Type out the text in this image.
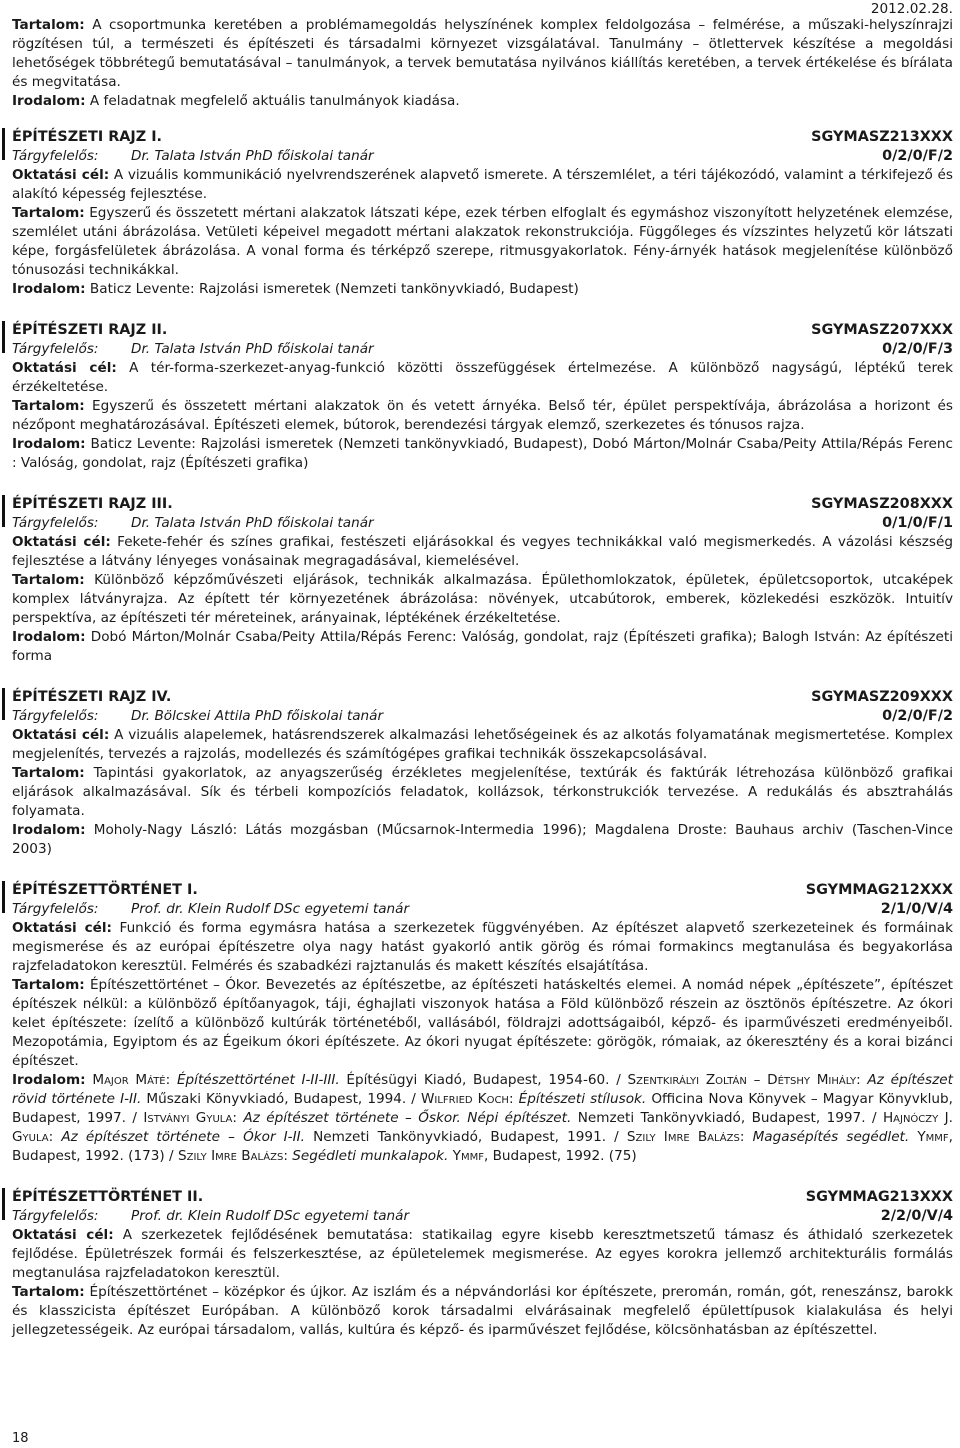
2012.02.28.

Tartalom: A csoportmunka keretében a problémamegoldás helyszínének komplex feldolgozása – felmérése, a műszaki-helyszínrajzi rögzítésen túl, a természeti és építészeti és társadalmi környezet vizsgálatával. Tanulmány – ötlettervek készítése a megoldási lehetőségek többrétegű bemutatásával – tanulmányok, a tervek bemutatása nyilvános kiállítás keretében, a tervek értékelése és bírálata és megvitatása.

Irodalom: A feladatnak megfelelő aktuális tanulmányok kiadása.

ÉPÍTÉSZETI RAJZ I.	SGYMASZ213XXX
Tárgyfelelős: Dr. Talata István PhD főiskolai tanár	0/2/0/F/2

Oktatási cél: A vizuális kommunikáció nyelvrendszerének alapvető ismerete. A térszemlélet, a téri tájékozódó, valamint a térkifejező és alakító képesség fejlesztése.

Tartalom: Egyszerű és összetett mértani alakzatok látszati képe, ezek térben elfoglalt és egymáshoz viszonyított helyzetének elemzése, szemlélet utáni ábrázolása. Vetületi képeivel megadott mértani alakzatok rekonstrukciója. Függőleges és vízszintes helyzetű kör látszati képe, forgásfelületek ábrázolása. A vonal forma és térképző szerepe, ritmusgyakorlatok. Fény-árnyék hatások megjelenítése különböző tónusozási technikákkal.

Irodalom: Baticz Levente: Rajzolási ismeretek (Nemzeti tankönyvkiadó, Budapest)

ÉPÍTÉSZETI RAJZ II.	SGYMASZ207XXX
Tárgyfelelős: Dr. Talata István PhD főiskolai tanár	0/2/0/F/3

Oktatási cél: A tér-forma-szerkezet-anyag-funkció közötti összefüggések értelmezése. A különböző nagyságú, léptékű terek érzékeltetése.

Tartalom: Egyszerű és összetett mértani alakzatok ön és vetett árnyéka. Belső tér, épület perspektívája, ábrázolása a horizont és nézőpont meghatározásával. Építészeti elemek, bútorok, berendezési tárgyak elemző, szerkezetes és tónusos rajza.

Irodalom: Baticz Levente: Rajzolási ismeretek (Nemzeti tankönyvkiadó, Budapest), Dobó Márton/Molnár Csaba/Peity Attila/Répás Ferenc : Valóság, gondolat, rajz (Építészeti grafika)

ÉPÍTÉSZETI RAJZ III.	SGYMASZ208XXX
Tárgyfelelős: Dr. Talata István PhD főiskolai tanár	0/1/0/F/1

Oktatási cél: Fekete-fehér és színes grafikai, festészeti eljárásokkal és vegyes technikákkal való megismerkedés. A vázolási készség fejlesztése a látvány lényeges vonásainak megragadásával, kiemelésével.

Tartalom: Különböző képzőművészeti eljárások, technikák alkalmazása. Épülethomlokzatok, épületek, épületcsoportok, utcaképek komplex látványrajza. Az épített tér környezetének ábrázolása: növények, utcabútorok, emberek, közlekedési eszközök. Intuitív perspektíva, az építészeti tér méreteinek, arányainak, léptékének érzékeltetése.

Irodalom: Dobó Márton/Molnár Csaba/Peity Attila/Répás Ferenc: Valóság, gondolat, rajz (Építészeti grafika); Balogh István: Az építészeti forma

ÉPÍTÉSZETI RAJZ IV.	SGYMASZ209XXX
Tárgyfelelős: Dr. Bölcskei Attila PhD főiskolai tanár	0/2/0/F/2

Oktatási cél: A vizuális alapelemek, hatásrendszerek alkalmazási lehetőségeinek és az alkotás folyamatának megismertetése. Komplex megjelenítés, tervezés a rajzolás, modellezés és számítógépes grafikai technikák összekapcsolásával.

Tartalom: Tapintási gyakorlatok, az anyagszerűség érzékletes megjelenítése, textúrák és faktúrák létrehozása különböző grafikai eljárások alkalmazásával. Sík és térbeli kompozíciós feladatok, kollázsok, térkonstrukciók tervezése. A redukálás és absztrahálás folyamata.

Irodalom: Moholy-Nagy László: Látás mozgásban (Műcsarnok-Intermedia 1996); Magdalena Droste: Bauhaus archiv (Taschen-Vince 2003)

ÉPÍTÉSZETTÖRTÉNET I.	SGYMMAG212XXX
Tárgyfelelős: Prof. dr. Klein Rudolf DSc egyetemi tanár	2/1/0/V/4

Oktatási cél: Funkció és forma egymásra hatása a szerkezetek függvényében. Az építészet alapvető szerkezeteinek és formáinak megismerése és az európai építészetre olya nagy hatást gyakorló antik görög és római formakincs megtanulása és begyakorlása rajzfeladatokon keresztül. Felmérés és szabadkézi rajztanulás és makett készítés elsajátítása.

Tartalom: Építészettörténet – Ókor. Bevezetés az építészetbe, az építészeti hatáskeltés elemei. A nomád népek „építészete”, építészet építészek nélkül: a különböző építőanyagok, táji, éghajlati viszonyok hatása a Föld különböző részein az ösztönös építészetre. Az ókori kelet építészete: ízelítő a különböző kultúrák történetéből, vallásából, földrajzi adottságaiból, képző- és iparművészeti eredményeiből. Mezopotámia, Egyiptom és az Égeikum ókori építészete. Az ókori nyugat építészete: görögök, rómaiak, az ókeresztény és a korai bizánci építészet.

Irodalom: Major Máté: Építészettörténet I-II-III. Építésügyi Kiadó, Budapest, 1954-60. / Szentkirályi Zoltán – Détshy Mihály: Az építészet rövid története I-II. Műszaki Könyvkiadó, Budapest, 1994. / Wilfried Koch: Építészeti stílusok. Officina Nova Könyvek – Magyar Könyvklub, Budapest, 1997. / Istványi Gyula: Az építészet története – Őskor. Népi építészet. Nemzeti Tankönyvkiadó, Budapest, 1997. / Hajnóczy J. Gyula: Az építészet története – Ókor I-II. Nemzeti Tankönyvkiadó, Budapest, 1991. / Szily Imre Balázs: Magasépítés segédlet. Ymmf, Budapest, 1992. (173) / Szily Imre Balázs: Segédleti munkalapok. Ymmf, Budapest, 1992. (75)

ÉPÍTÉSZETTÖRTÉNET II.	SGYMMAG213XXX
Tárgyfelelős: Prof. dr. Klein Rudolf DSc egyetemi tanár	2/2/0/V/4

Oktatási cél: A szerkezetek fejlődésének bemutatása: statikailag egyre kisebb keresztmetszetű támasz és áthidaló szerkezetek fejlődése. Épületrészek formái és felszerkesztése, az épületelemek megismerése. Az egyes korokra jellemző architekturális formálás megtanulása rajzfeladatokon keresztül.

Tartalom: Építészettörténet – középkor és újkor. Az iszlám és a népvándorlási kor építészete, preromán, román, gót, reneszánsz, barokk és klasszicista építészet Európában. A különböző korok társadalmi elvárásainak megfelelő épülettípusok kialakulása és helyi jellegzetességeik. Az európai társadalom, vallás, kultúra és képző- és iparművészet fejlődése, kölcsönhatásban az építészettel.

18
